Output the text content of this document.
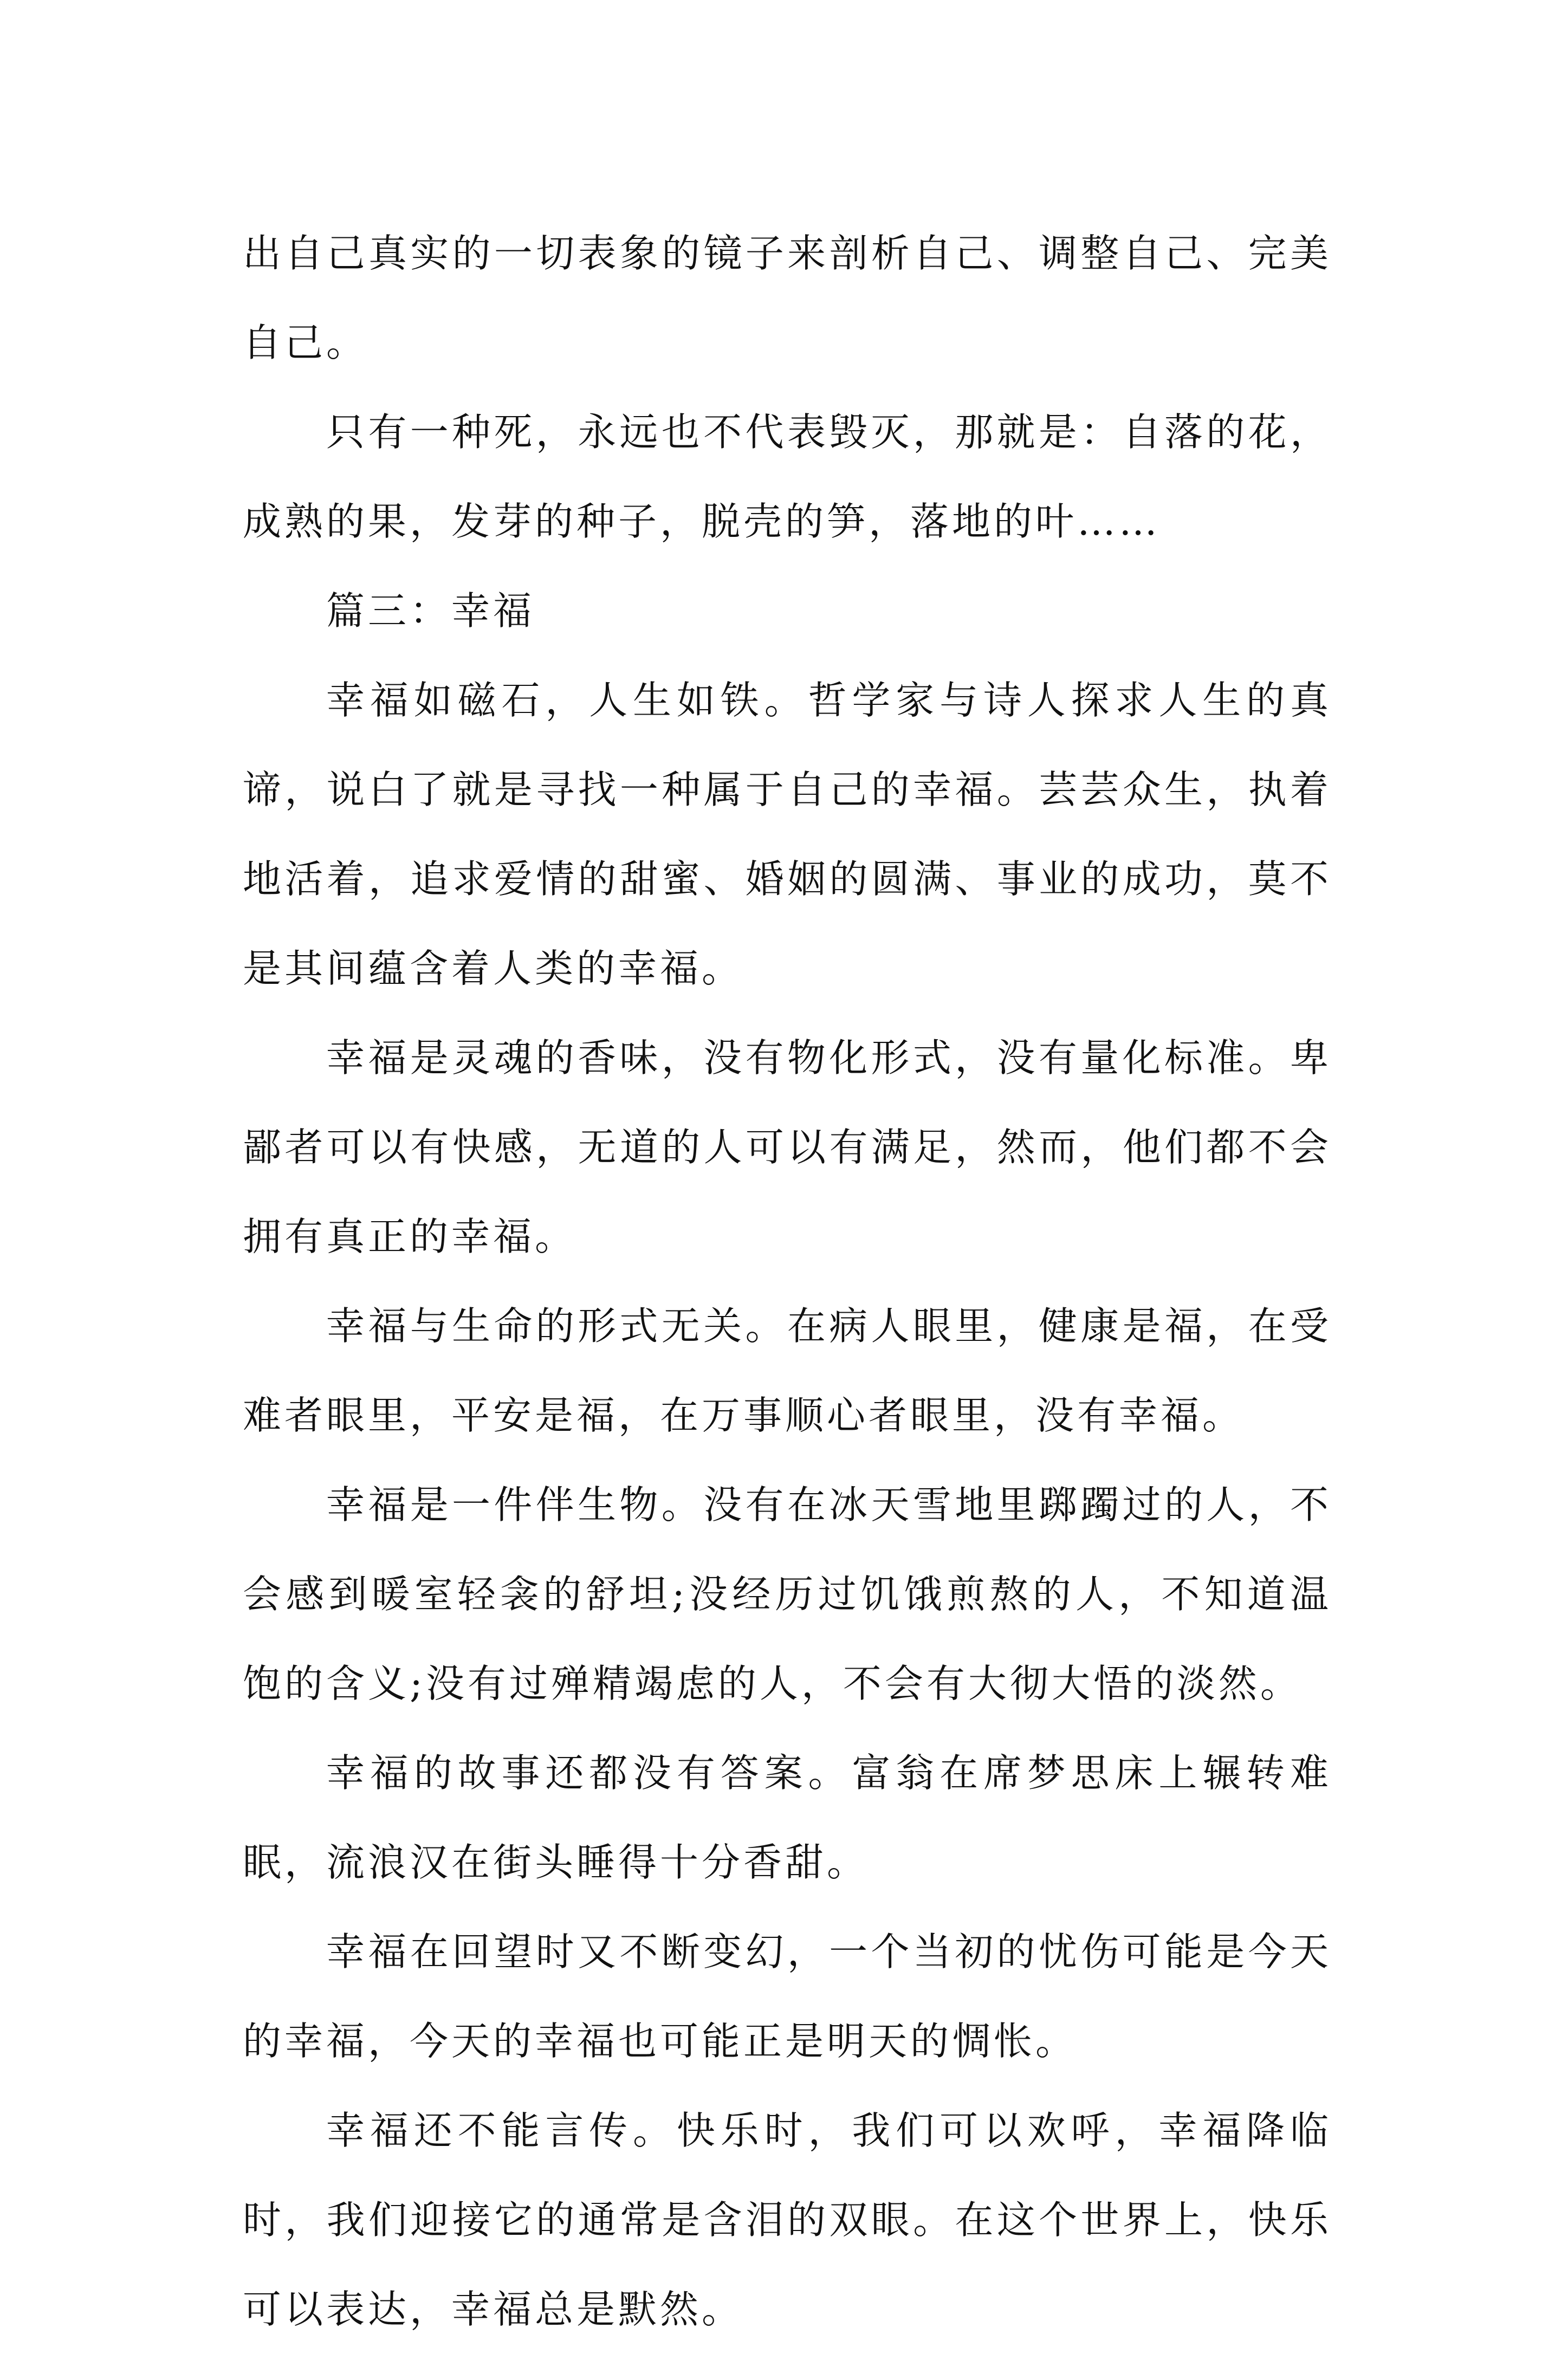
出自己真实的一切表象的镜子来剖析自己、调整自己、完美自己。

只有一种死，永远也不代表毁灭，那就是：自落的花，成熟的果，发芽的种子，脱壳的笋，落地的叶……

篇三：幸福

幸福如磁石，人生如铁。哲学家与诗人探求人生的真谛，说白了就是寻找一种属于自己的幸福。芸芸众生，执着地活着，追求爱情的甜蜜、婚姻的圆满、事业的成功，莫不是其间蕴含着人类的幸福。

幸福是灵魂的香味，没有物化形式，没有量化标准。卑鄙者可以有快感，无道的人可以有满足，然而，他们都不会拥有真正的幸福。

幸福与生命的形式无关。在病人眼里，健康是福，在受难者眼里，平安是福，在万事顺心者眼里，没有幸福。

幸福是一件伴生物。没有在冰天雪地里踯躅过的人，不会感到暖室轻衾的舒坦;没经历过饥饿煎熬的人，不知道温饱的含义;没有过殚精竭虑的人，不会有大彻大悟的淡然。

幸福的故事还都没有答案。富翁在席梦思床上辗转难眠，流浪汉在街头睡得十分香甜。

幸福在回望时又不断变幻，一个当初的忧伤可能是今天的幸福，今天的幸福也可能正是明天的惆怅。

幸福还不能言传。快乐时，我们可以欢呼，幸福降临时，我们迎接它的通常是含泪的双眼。在这个世界上，快乐可以表达，幸福总是默然。
